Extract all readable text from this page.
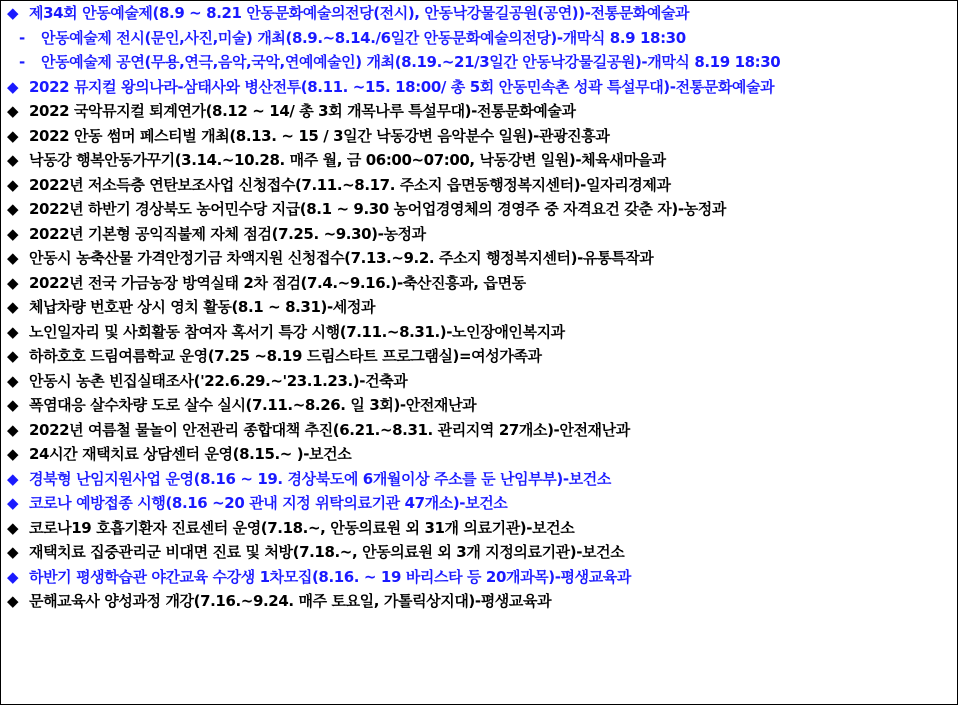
◆ 제34회 안동예술제(8.9 ~ 8.21 안동문화예술의전당(전시), 안동낙강물길공원(공연))-전통문화예술과
- 안동예술제 전시(문인,사진,미술) 개최(8.9.~8.14./6일간 안동문화예술의전당)-개막식 8.9 18:30
- 안동예술제 공연(무용,연극,음악,국악,연예예술인) 개최(8.19.~21/3일간 안동낙강물길공원)-개막식 8.19 18:30
◆ 2022 뮤지컬 왕의나라-삼태사와 병산전투(8.11. ~15. 18:00/ 총 5회 안동민속촌 성곽 특설무대)-전통문화예술과
◆ 2022 국악뮤지컬 퇴계연가(8.12 ~ 14/ 총 3회 개목나루 특설무대)-전통문화예술과
◆ 2022 안동 썸머 페스티벌 개최(8.13. ~ 15 / 3일간 낙동강변 음악분수 일원)-관광진흥과
◆ 낙동강 행복안동가꾸기(3.14.~10.28. 매주 월, 금 06:00~07:00, 낙동강변 일원)-체육새마을과
◆ 2022년 저소득층 연탄보조사업 신청접수(7.11.~8.17. 주소지 읍면동행정복지센터)-일자리경제과
◆ 2022년 하반기 경상북도 농어민수당 지급(8.1 ~ 9.30 농어업경영체의 경영주 중 자격요건 갖춘 자)-농정과
◆ 2022년 기본형 공익직불제 자체 점검(7.25. ~9.30)-농정과
◆ 안동시 농축산물 가격안정기금 차액지원 신청접수(7.13.~9.2. 주소지 행정복지센터)-유통특작과
◆ 2022년 전국 가금농장 방역실태 2차 점검(7.4.~9.16.)-축산진흥과, 읍면동
◆ 체납차량 번호판 상시 영치 활동(8.1 ~ 8.31)-세정과
◆ 노인일자리 및 사회활동 참여자 혹서기 특강 시행(7.11.~8.31.)-노인장애인복지과
◆ 하하호호 드림여름학교 운영(7.25 ~8.19 드림스타트 프로그램실)=여성가족과
◆ 안동시 농촌 빈집실태조사('22.6.29.~'23.1.23.)-건축과
◆ 폭염대응 살수차량 도로 살수 실시(7.11.~8.26. 일 3회)-안전재난과
◆ 2022년 여름철 물놀이 안전관리 종합대책 추진(6.21.~8.31. 관리지역 27개소)-안전재난과
◆ 24시간 재택치료 상담센터 운영(8.15.~ )-보건소
◆ 경북형 난임지원사업 운영(8.16 ~ 19. 경상북도에 6개월이상 주소를 둔 난임부부)-보건소
◆ 코로나 예방접종 시행(8.16 ~20 관내 지정 위탁의료기관 47개소)-보건소
◆ 코로나19 호흡기환자 진료센터 운영(7.18.~, 안동의료원 외 31개 의료기관)-보건소
◆ 재택치료 집중관리군 비대면 진료 및 처방(7.18.~, 안동의료원 외 3개 지정의료기관)-보건소
◆ 하반기 평생학습관 야간교육 수강생 1차모집(8.16. ~ 19 바리스타 등 20개과목)-평생교육과
◆ 문해교육사 양성과정 개강(7.16.~9.24. 매주 토요일, 가톨릭상지대)-평생교육과
